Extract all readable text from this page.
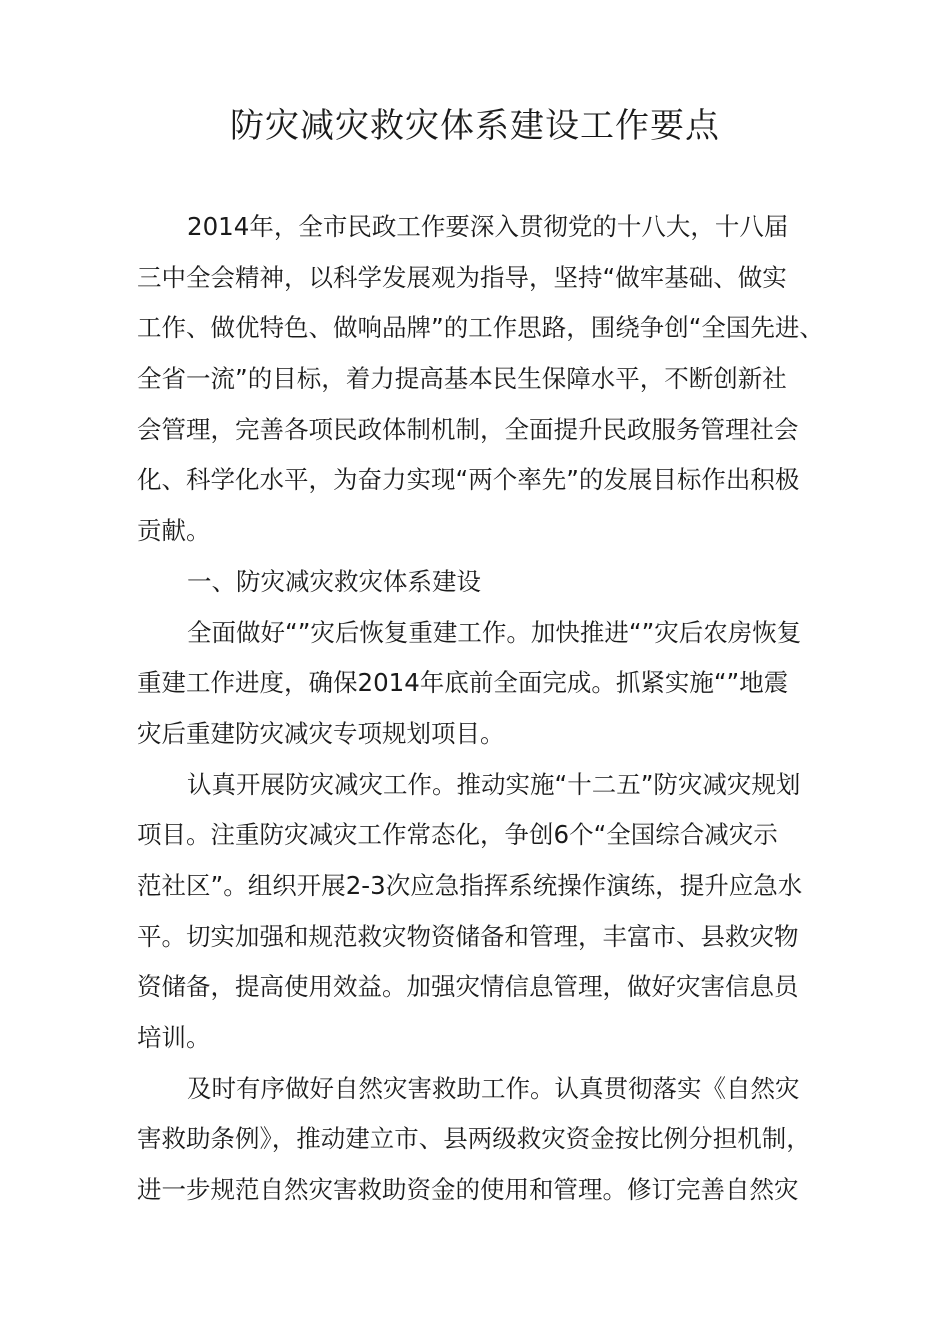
防灾减灾救灾体系建设工作要点
2014年，全市民政工作要深入贯彻党的十八大，十八届
三中全会精神，以科学发展观为指导，坚持“做牢基础、做实
工作、做优特色、做响品牌”的工作思路，围绕争创“全国先进、
全省一流”的目标，着力提高基本民生保障水平，不断创新社
会管理，完善各项民政体制机制，全面提升民政服务管理社会
化、科学化水平，为奋力实现“两个率先”的发展目标作出积极
贡献。
一、防灾减灾救灾体系建设
全面做好“”灾后恢复重建工作。加快推进“”灾后农房恢复
重建工作进度，确保2014年底前全面完成。抓紧实施“”地震
灾后重建防灾减灾专项规划项目。
认真开展防灾减灾工作。推动实施“十二五”防灾减灾规划
项目。注重防灾减灾工作常态化，争创6个“全国综合减灾示
范社区”。组织开展2-3次应急指挥系统操作演练，提升应急水
平。切实加强和规范救灾物资储备和管理，丰富市、县救灾物
资储备，提高使用效益。加强灾情信息管理，做好灾害信息员
培训。
及时有序做好自然灾害救助工作。认真贯彻落实《自然灾
害救助条例》，推动建立市、县两级救灾资金按比例分担机制，
进一步规范自然灾害救助资金的使用和管理。修订完善自然灾
